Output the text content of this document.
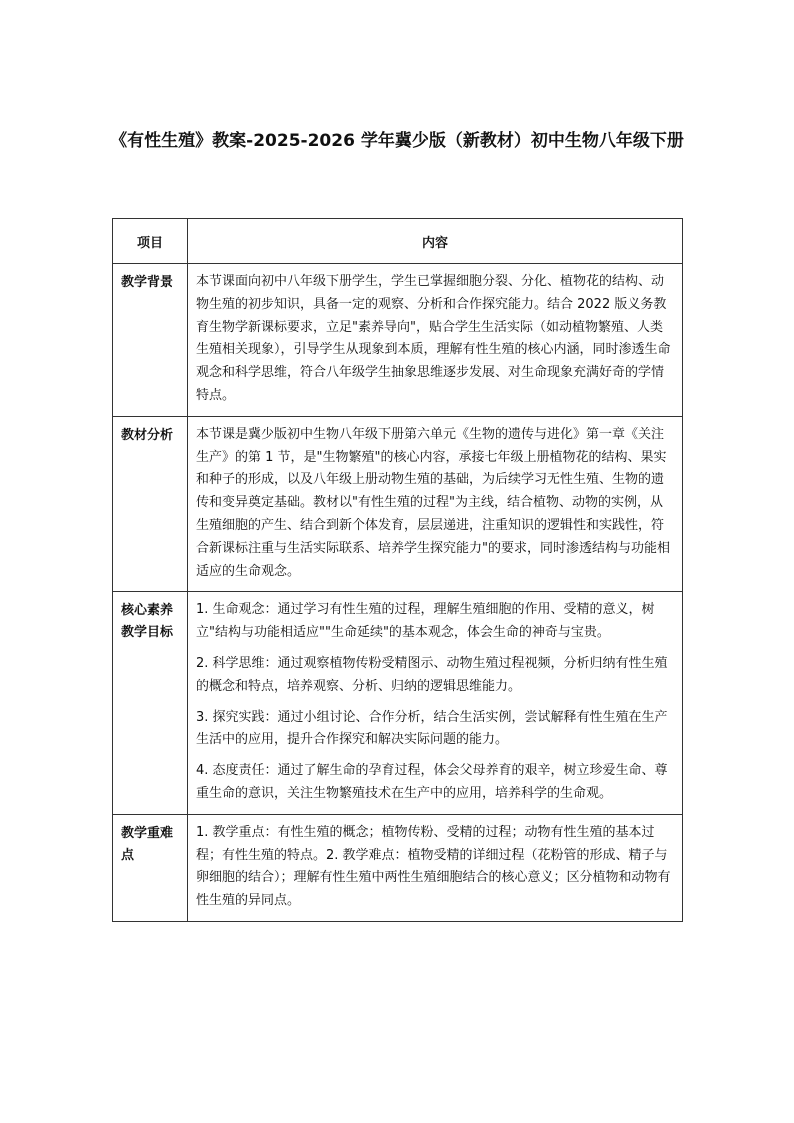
《有性生殖》教案-2025-2026 学年冀少版（新教材）初中生物八年级下册
项目	内容
教学背景	本节课面向初中八年级下册学生，学生已掌握细胞分裂、分化、植物花的结构、动物生殖的初步知识，具备一定的观察、分析和合作探究能力。结合 2022 版义务教育生物学新课标要求，立足"素养导向"，贴合学生生活实际（如动植物繁殖、人类生殖相关现象），引导学生从现象到本质，理解有性生殖的核心内涵，同时渗透生命观念和科学思维，符合八年级学生抽象思维逐步发展、对生命现象充满好奇的学情特点。

教材分析	本节课是冀少版初中生物八年级下册第六单元《生物的遗传与进化》第一章《关注生产》的第 1 节，是"生物繁殖"的核心内容，承接七年级上册植物花的结构、果实和种子的形成，以及八年级上册动物生殖的基础，为后续学习无性生殖、生物的遗传和变异奠定基础。教材以"有性生殖的过程"为主线，结合植物、动物的实例，从生殖细胞的产生、结合到新个体发育，层层递进，注重知识的逻辑性和实践性，符合新课标注重与生活实际联系、培养学生探究能力"的要求，同时渗透结构与功能相适应的生命观念。

核心素养教学目标	1. 生命观念：通过学习有性生殖的过程，理解生殖细胞的作用、受精的意义，树立"结构与功能相适应""生命延续"的基本观念，体会生命的神奇与宝贵。

2. 科学思维：通过观察植物传粉受精图示、动物生殖过程视频，分析归纳有性生殖的概念和特点，培养观察、分析、归纳的逻辑思维能力。

3. 探究实践：通过小组讨论、合作分析，结合生活实例，尝试解释有性生殖在生产生活中的应用，提升合作探究和解决实际问题的能力。

4. 态度责任：通过了解生命的孕育过程，体会父母养育的艰辛，树立珍爱生命、尊重生命的意识，关注生物繁殖技术在生产中的应用，培养科学的生命观。

教学重难点	1. 教学重点：有性生殖的概念；植物传粉、受精的过程；动物有性生殖的基本过程；有性生殖的特点。2. 教学难点：植物受精的详细过程（花粉管的形成、精子与卵细胞的结合）；理解有性生殖中两性生殖细胞结合的核心意义；区分植物和动物有性生殖的异同点。
